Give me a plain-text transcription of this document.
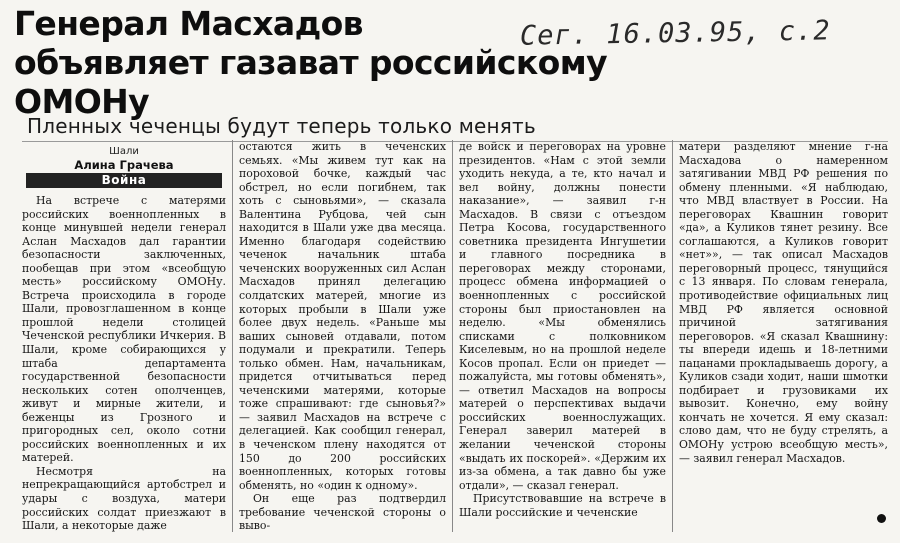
Генерал Масхадов
объявляет газават российскому ОМОНу
Сег. 16.03.95, с.2
Пленных чеченцы будут теперь только менять
Шали
Алина Грачева
Война

На встрече с матерями российских военнопленных в конце минувшей недели генерал Аслан Масхадов дал гарантии безопасности заключенных, пообещав при этом «всеобщую месть» российскому ОМОНу. Встреча происходила в городе Шали, провозглашенном в конце прошлой недели столицей Чеченской республики Ичкерия. В Шали, кроме собирающихся у штаба департамента государственной безопасности нескольких сотен ополченцев, живут и мирные жители, и беженцы из Грозного и пригородных сел, около сотни российских военнопленных и их матерей.

Несмотря на непрекращающийся артобстрел и удары с воздуха, матери российских солдат приезжают в Шали, а некоторые даже

остаются жить в чеченских семьях. «Мы живем тут как на пороховой бочке, каждый час обстрел, но если погибнем, так хоть с сыновьями», — сказала Валентина Рубцова, чей сын находится в Шали уже два месяца. Именно благодаря содействию чеченок начальник штаба чеченских вооруженных сил Аслан Масхадов принял делегацию солдатских матерей, многие из которых пробыли в Шали уже более двух недель. «Раньше мы ваших сыновей отдавали, потом подумали и прекратили. Теперь только обмен. Нам, начальникам, придется отчитываться перед чеченскими матерями, которые тоже спрашивают: где сыновья?» — заявил Масхадов на встрече с делегацией. Как сообщил генерал, в чеченском плену находятся от 150 до 200 российских военнопленных, которых готовы обменять, но «один к одному».

Он еще раз подтвердил требование чеченской стороны о выво-

де войск и переговорах на уровне президентов. «Нам с этой земли уходить некуда, а те, кто начал и вел войну, должны понести наказание», — заявил г-н Масхадов. В связи с отъездом Петра Косова, государственного советника президента Ингушетии и главного посредника в переговорах между сторонами, процесс обмена информацией о военнопленных с российской стороны был приостановлен на неделю. «Мы обменялись списками с полковником Киселевым, но на прошлой неделе Косов пропал. Если он приедет — пожалуйста, мы готовы обменять», — ответил Масхадов на вопросы матерей о перспективах выдачи российских военнослужащих. Генерал заверил матерей в желании чеченской стороны «выдать их поскорей». «Держим их из-за обмена, а так давно бы уже отдали», — сказал генерал.

Присутствовавшие на встрече в Шали российские и чеченские

матери разделяют мнение г-на Масхадова о намеренном затягивании МВД РФ решения по обмену пленными. «Я наблюдаю, что МВД властвует в России. На переговорах Квашнин говорит «да», а Куликов тянет резину. Все соглашаются, а Куликов говорит «нет»», — так описал Масхадов переговорный процесс, тянущийся с 13 января. По словам генерала, противодействие официальных лиц МВД РФ является основной причиной затягивания переговоров. «Я сказал Квашнину: ты впереди идешь и 18-летними пацанами прокладываешь дорогу, а Куликов сзади ходит, наши шмотки подбирает и грузовиками их вывозит. Конечно, ему войну кончать не хочется. Я ему сказал: слово дам, что не буду стрелять, а ОМОНу устрою всеобщую месть», — заявил генерал Масхадов.
